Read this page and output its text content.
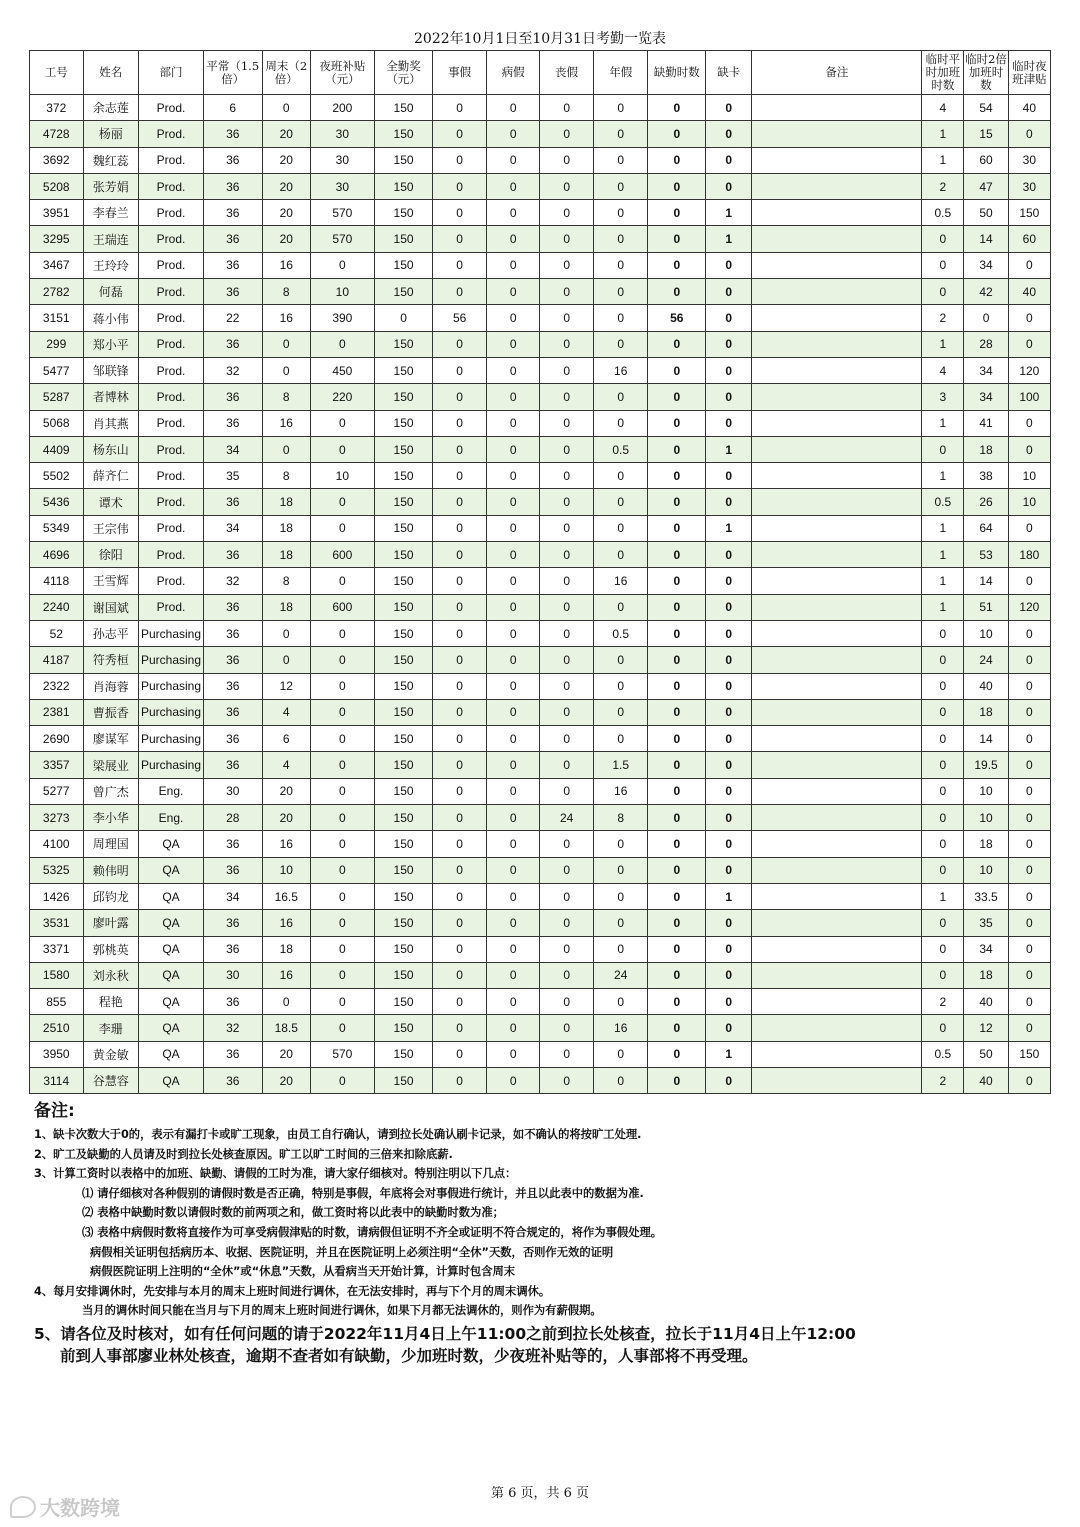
2022年10月1日至10月31日考勤一览表
工号	姓名	部门	平常（1.5倍）	周末（2倍）	夜班补贴（元）	全勤奖（元）	事假	病假	丧假	年假	缺勤时数	缺卡	备注	临时平时加班时数	临时2倍加班时数	临时夜班津贴
372	余志莲	Prod.	6	0	200	150	0	0	0	0	0	0		4	54	40
4728	杨丽	Prod.	36	20	30	150	0	0	0	0	0	0		1	15	0
3692	魏红蕊	Prod.	36	20	30	150	0	0	0	0	0	0		1	60	30
5208	张芳娟	Prod.	36	20	30	150	0	0	0	0	0	0		2	47	30
3951	李春兰	Prod.	36	20	570	150	0	0	0	0	0	1		0.5	50	150
3295	王瑞连	Prod.	36	20	570	150	0	0	0	0	0	1		0	14	60
3467	王玲玲	Prod.	36	16	0	150	0	0	0	0	0	0		0	34	0
2782	何磊	Prod.	36	8	10	150	0	0	0	0	0	0		0	42	40
3151	蒋小伟	Prod.	22	16	390	0	56	0	0	0	56	0		2	0	0
299	郑小平	Prod.	36	0	0	150	0	0	0	0	0	0		1	28	0
5477	邹联锋	Prod.	32	0	450	150	0	0	0	16	0	0		4	34	120
5287	者博林	Prod.	36	8	220	150	0	0	0	0	0	0		3	34	100
5068	肖其燕	Prod.	36	16	0	150	0	0	0	0	0	0		1	41	0
4409	杨东山	Prod.	34	0	0	150	0	0	0	0.5	0	1		0	18	0
5502	薛齐仁	Prod.	35	8	10	150	0	0	0	0	0	0		1	38	10
5436	谭术	Prod.	36	18	0	150	0	0	0	0	0	0		0.5	26	10
5349	王宗伟	Prod.	34	18	0	150	0	0	0	0	0	1		1	64	0
4696	徐阳	Prod.	36	18	600	150	0	0	0	0	0	0		1	53	180
4118	王雪辉	Prod.	32	8	0	150	0	0	0	16	0	0		1	14	0
2240	谢国斌	Prod.	36	18	600	150	0	0	0	0	0	0		1	51	120
52	孙志平	Purchasing	36	0	0	150	0	0	0	0.5	0	0		0	10	0
4187	符秀桓	Purchasing	36	0	0	150	0	0	0	0	0	0		0	24	0
2322	肖海蓉	Purchasing	36	12	0	150	0	0	0	0	0	0		0	40	0
2381	曹振香	Purchasing	36	4	0	150	0	0	0	0	0	0		0	18	0
2690	廖谋军	Purchasing	36	6	0	150	0	0	0	0	0	0		0	14	0
3357	梁展业	Purchasing	36	4	0	150	0	0	0	1.5	0	0		0	19.5	0
5277	曾广杰	Eng.	30	20	0	150	0	0	0	16	0	0		0	10	0
3273	李小华	Eng.	28	20	0	150	0	0	24	8	0	0		0	10	0
4100	周理国	QA	36	16	0	150	0	0	0	0	0	0		0	18	0
5325	赖伟明	QA	36	10	0	150	0	0	0	0	0	0		0	10	0
1426	邱钧龙	QA	34	16.5	0	150	0	0	0	0	0	1		1	33.5	0
3531	廖叶露	QA	36	16	0	150	0	0	0	0	0	0		0	35	0
3371	郭桃英	QA	36	18	0	150	0	0	0	0	0	0		0	34	0
1580	刘永秋	QA	30	16	0	150	0	0	0	24	0	0		0	18	0
855	程艳	QA	36	0	0	150	0	0	0	0	0	0		2	40	0
2510	李珊	QA	32	18.5	0	150	0	0	0	16	0	0		0	12	0
3950	黄金敏	QA	36	20	570	150	0	0	0	0	0	1		0.5	50	150
3114	谷慧容	QA	36	20	0	150	0	0	0	0	0	0		2	40	0
备注:
1、缺卡次数大于0的，表示有漏打卡或旷工现象，由员工自行确认，请到拉长处确认刷卡记录，如不确认的将按旷工处理.
2、旷工及缺勤的人员请及时到拉长处核查原因。旷工以旷工时间的三倍来扣除底薪.
3、计算工资时以表格中的加班、缺勤、请假的工时为准，请大家仔细核对。特别注明以下几点：
⑴ 请仔细核对各种假别的请假时数是否正确，特别是事假，年底将会对事假进行统计，并且以此表中的数据为准.
⑵ 表格中缺勤时数以请假时数的前两项之和，做工资时将以此表中的缺勤时数为准；
⑶ 表格中病假时数将直接作为可享受病假津贴的时数，请病假但证明不齐全或证明不符合规定的，将作为事假处理。
病假相关证明包括病历本、收据、医院证明，并且在医院证明上必须注明“全休”天数，否则作无效的证明
病假医院证明上注明的“全休”或“休息”天数，从看病当天开始计算，计算时包含周末
4、每月安排调休时，先安排与本月的周末上班时间进行调休，在无法安排时，再与下个月的周末调休。
当月的调休时间只能在当月与下月的周末上班时间进行调休，如果下月都无法调休的，则作为有薪假期。
5、请各位及时核对，如有任何问题的请于2022年11月4日上午11:00之前到拉长处核查，拉长于11月4日上午12:00
前到人事部廖业林处核查，逾期不查者如有缺勤，少加班时数，少夜班补贴等的，人事部将不再受理。
第 6 页，共 6 页
大数跨境
